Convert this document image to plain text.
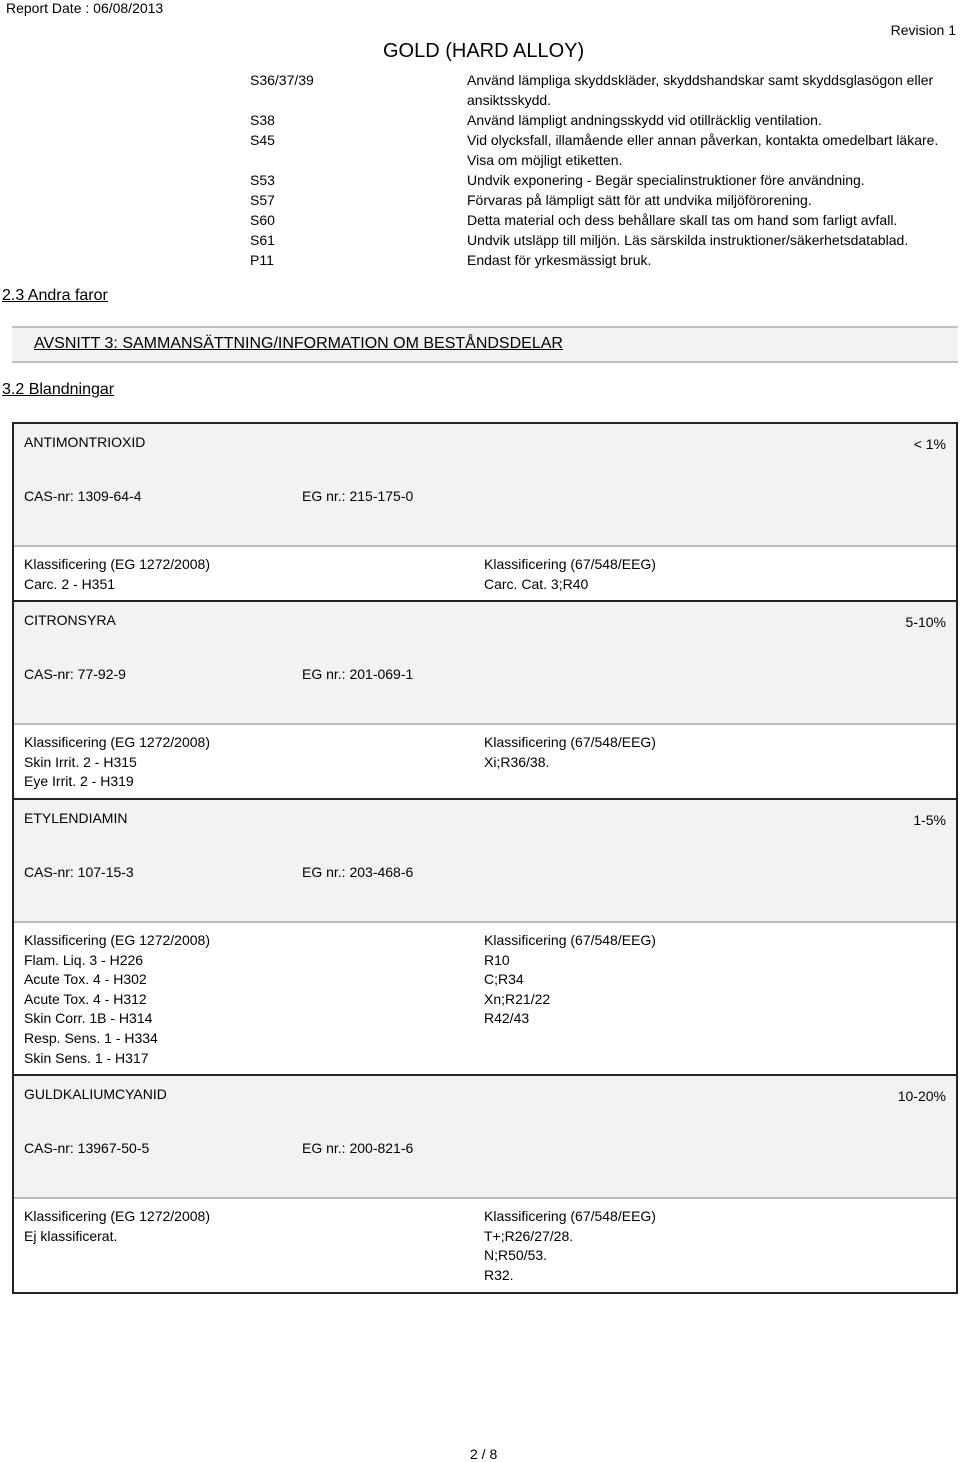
Report Date : 06/08/2013
GOLD (HARD ALLOY)
Revision 1
S36/37/39	Använd lämpliga skyddskläder, skyddshandskar samt skyddsglasögon eller ansiktsskydd.
S38	Använd lämpligt andningsskydd vid otillräcklig ventilation.
S45	Vid olycksfall, illamående eller annan påverkan, kontakta omedelbart läkare. Visa om möjligt etiketten.
S53	Undvik exponering - Begär specialinstruktioner före användning.
S57	Förvaras på lämpligt sätt för att undvika miljöförorening.
S60	Detta material och dess behållare skall tas om hand som farligt avfall.
S61	Undvik utsläpp till miljön. Läs särskilda instruktioner/säkerhetsdatablad.
P11	Endast för yrkesmässigt bruk.
2.3 Andra faror
AVSNITT 3: SAMMANSÄTTNING/INFORMATION OM BESTÅNDSDELAR
3.2 Blandningar
ANTIMONTRIOXID	< 1%
CAS-nr: 1309-64-4	EG nr.: 215-175-0
Klassificering (EG 1272/2008)
Carc. 2 - H351
Klassificering (67/548/EEG)
Carc. Cat. 3;R40
CITRONSYRA	5-10%
CAS-nr: 77-92-9	EG nr.: 201-069-1
Klassificering (EG 1272/2008)
Skin Irrit. 2 - H315
Eye Irrit. 2 - H319
Klassificering (67/548/EEG)
Xi;R36/38.
ETYLENDIAMIN	1-5%
CAS-nr: 107-15-3	EG nr.: 203-468-6
Klassificering (EG 1272/2008)
Flam. Liq. 3 - H226
Acute Tox. 4 - H302
Acute Tox. 4 - H312
Skin Corr. 1B - H314
Resp. Sens. 1 - H334
Skin Sens. 1 - H317
Klassificering (67/548/EEG)
R10
C;R34
Xn;R21/22
R42/43
GULDKALIUMCYANID	10-20%
CAS-nr: 13967-50-5	EG nr.: 200-821-6
Klassificering (EG 1272/2008)
Ej klassificerat.
Klassificering (67/548/EEG)
T+;R26/27/28.
N;R50/53.
R32.
2 / 8
